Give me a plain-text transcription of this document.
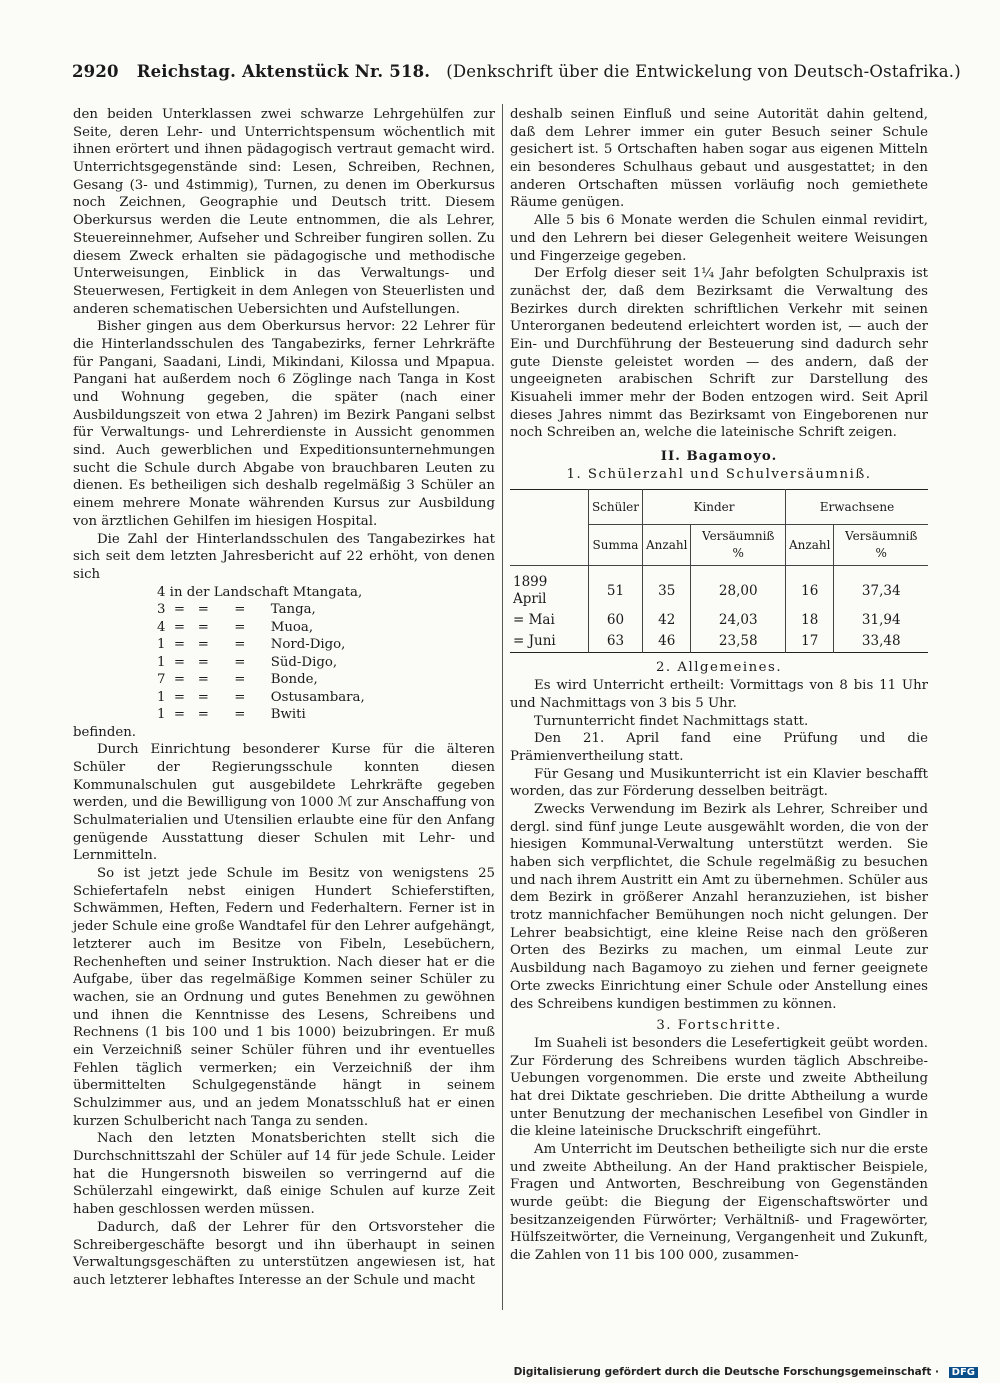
2920 Reichstag. Aktenstück Nr. 518. (Denkschrift über die Entwickelung von Deutsch-Ostafrika.)

den beiden Unterklassen zwei schwarze Lehrgehülfen zur Seite, deren Lehr- und Unterrichtspensum wöchentlich mit ihnen erörtert und ihnen pädagogisch vertraut gemacht wird. Unterrichtsgegenstände sind: Lesen, Schreiben, Rechnen, Gesang (3- und 4stimmig), Turnen, zu denen im Oberkursus noch Zeichnen, Geographie und Deutsch tritt. Diesem Oberkursus werden die Leute entnommen, die als Lehrer, Steuereinnehmer, Aufseher und Schreiber fungiren sollen. Zu diesem Zweck erhalten sie pädagogische und methodische Unterweisungen, Einblick in das Verwaltungs- und Steuerwesen, Fertigkeit in dem Anlegen von Steuerlisten und anderen schematischen Uebersichten und Aufstellungen.

Bisher gingen aus dem Oberkursus hervor: 22 Lehrer für die Hinterlandsschulen des Tangabezirks, ferner Lehrkräfte für Pangani, Saadani, Lindi, Mikindani, Kilossa und Mpapua. Pangani hat außerdem noch 6 Zöglinge nach Tanga in Kost und Wohnung gegeben, die später (nach einer Ausbildungszeit von etwa 2 Jahren) im Bezirk Pangani selbst für Verwaltungs- und Lehrerdienste in Aussicht genommen sind. Auch gewerblichen und Expeditionsunternehmungen sucht die Schule durch Abgabe von brauchbaren Leuten zu dienen. Es betheiligen sich deshalb regelmäßig 3 Schüler an einem mehrere Monate währenden Kursus zur Ausbildung von ärztlichen Gehilfen im hiesigen Hospital.

Die Zahl der Hinterlandsschulen des Tangabezirkes hat sich seit dem letzten Jahresbericht auf 22 erhöht, von denen sich

4 in der Landschaft Mtangata,
3  =   =      =      Tanga,
4  =   =      =      Muoa,
1  =   =      =      Nord-Digo,
1  =   =      =      Süd-Digo,
7  =   =      =      Bonde,
1  =   =      =      Ostusambara,
1  =   =      =      Bwiti

befinden.

Durch Einrichtung besonderer Kurse für die älteren Schüler der Regierungsschule konnten diesen Kommunalschulen gut ausgebildete Lehrkräfte gegeben werden, und die Bewilligung von 1000 ℳ zur Anschaffung von Schulmaterialien und Utensilien erlaubte eine für den Anfang genügende Ausstattung dieser Schulen mit Lehr- und Lernmitteln.

So ist jetzt jede Schule im Besitz von wenigstens 25 Schiefertafeln nebst einigen Hundert Schieferstiften, Schwämmen, Heften, Federn und Federhaltern. Ferner ist in jeder Schule eine große Wandtafel für den Lehrer aufgehängt, letzterer auch im Besitze von Fibeln, Lesebüchern, Rechenheften und seiner Instruktion. Nach dieser hat er die Aufgabe, über das regelmäßige Kommen seiner Schüler zu wachen, sie an Ordnung und gutes Benehmen zu gewöhnen und ihnen die Kenntnisse des Lesens, Schreibens und Rechnens (1 bis 100 und 1 bis 1000) beizubringen. Er muß ein Verzeichniß seiner Schüler führen und ihr eventuelles Fehlen täglich vermerken; ein Verzeichniß der ihm übermittelten Schulgegenstände hängt in seinem Schulzimmer aus, und an jedem Monatsschluß hat er einen kurzen Schulbericht nach Tanga zu senden.

Nach den letzten Monatsberichten stellt sich die Durchschnittszahl der Schüler auf 14 für jede Schule. Leider hat die Hungersnoth bisweilen so verringernd auf die Schülerzahl eingewirkt, daß einige Schulen auf kurze Zeit haben geschlossen werden müssen.

Dadurch, daß der Lehrer für den Ortsvorsteher die Schreibergeschäfte besorgt und ihn überhaupt in seinen Verwaltungsgeschäften zu unterstützen angewiesen ist, hat auch letzterer lebhaftes Interesse an der Schule und macht

deshalb seinen Einfluß und seine Autorität dahin geltend, daß dem Lehrer immer ein guter Besuch seiner Schule gesichert ist. 5 Ortschaften haben sogar aus eigenen Mitteln ein besonderes Schulhaus gebaut und ausgestattet; in den anderen Ortschaften müssen vorläufig noch gemiethete Räume genügen.

Alle 5 bis 6 Monate werden die Schulen einmal revidirt, und den Lehrern bei dieser Gelegenheit weitere Weisungen und Fingerzeige gegeben.

Der Erfolg dieser seit 1¼ Jahr befolgten Schulpraxis ist zunächst der, daß dem Bezirksamt die Verwaltung des Bezirkes durch direkten schriftlichen Verkehr mit seinen Unterorganen bedeutend erleichtert worden ist, — auch der Ein- und Durchführung der Besteuerung sind dadurch sehr gute Dienste geleistet worden — des andern, daß der ungeeigneten arabischen Schrift zur Darstellung des Kisuaheli immer mehr der Boden entzogen wird. Seit April dieses Jahres nimmt das Bezirksamt von Eingeborenen nur noch Schreiben an, welche die lateinische Schrift zeigen.

II. Bagamoyo.
1. Schülerzahl und Schulversäumniß.
	Schüler	Kinder		Erwachsene	
	Summa	Anzahl	Versäumniß %	Anzahl	Versäumniß %
1899 April	51	35	28,00	16	37,34
= Mai	60	42	24,03	18	31,94
= Juni	63	46	23,58	17	33,48
2. Allgemeines.

Es wird Unterricht ertheilt: Vormittags von 8 bis 11 Uhr und Nachmittags von 3 bis 5 Uhr.

Turnunterricht findet Nachmittags statt.

Den 21. April fand eine Prüfung und die Prämienvertheilung statt.

Für Gesang und Musikunterricht ist ein Klavier beschafft worden, das zur Förderung desselben beiträgt.

Zwecks Verwendung im Bezirk als Lehrer, Schreiber und dergl. sind fünf junge Leute ausgewählt worden, die von der hiesigen Kommunal-Verwaltung unterstützt werden. Sie haben sich verpflichtet, die Schule regelmäßig zu besuchen und nach ihrem Austritt ein Amt zu übernehmen. Schüler aus dem Bezirk in größerer Anzahl heranzuziehen, ist bisher trotz mannichfacher Bemühungen noch nicht gelungen. Der Lehrer beabsichtigt, eine kleine Reise nach den größeren Orten des Bezirks zu machen, um einmal Leute zur Ausbildung nach Bagamoyo zu ziehen und ferner geeignete Orte zwecks Einrichtung einer Schule oder Anstellung eines des Schreibens kundigen bestimmen zu können.

3. Fortschritte.

Im Suaheli ist besonders die Lesefertigkeit geübt worden. Zur Förderung des Schreibens wurden täglich Abschreibe-Uebungen vorgenommen. Die erste und zweite Abtheilung hat drei Diktate geschrieben. Die dritte Abtheilung a wurde unter Benutzung der mechanischen Lesefibel von Gindler in die kleine lateinische Druckschrift eingeführt.

Am Unterricht im Deutschen betheiligte sich nur die erste und zweite Abtheilung. An der Hand praktischer Beispiele, Fragen und Antworten, Beschreibung von Gegenständen wurde geübt: die Biegung der Eigenschaftswörter und besitzanzeigenden Fürwörter; Verhältniß- und Fragewörter, Hülfszeitwörter, die Verneinung, Vergangenheit und Zukunft, die Zahlen von 11 bis 100 000, zusammen-

Digitalisierung gefördert durch die Deutsche Forschungsgemeinschaft · DFG
